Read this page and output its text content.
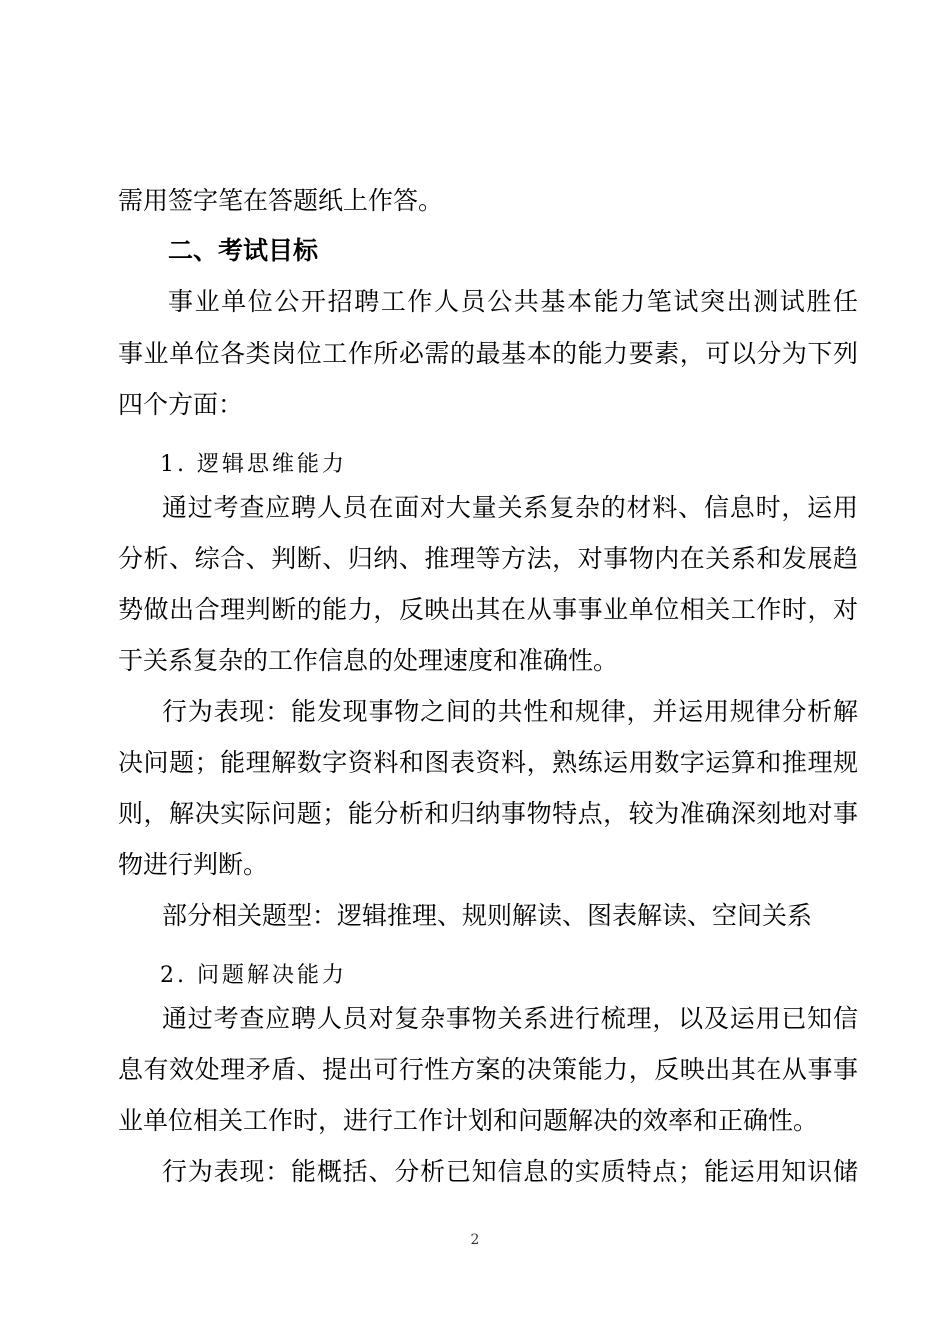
需用签字笔在答题纸上作答。
二、考试目标
事业单位公开招聘工作人员公共基本能力笔试突出测试胜任
事业单位各类岗位工作所必需的最基本的能力要素，可以分为下列
四个方面：
1. 逻辑思维能力
通过考查应聘人员在面对大量关系复杂的材料、信息时，运用
分析、综合、判断、归纳、推理等方法，对事物内在关系和发展趋
势做出合理判断的能力，反映出其在从事事业单位相关工作时，对
于关系复杂的工作信息的处理速度和准确性。
行为表现：能发现事物之间的共性和规律，并运用规律分析解
决问题；能理解数字资料和图表资料，熟练运用数字运算和推理规
则，解决实际问题；能分析和归纳事物特点，较为准确深刻地对事
物进行判断。
部分相关题型：逻辑推理、规则解读、图表解读、空间关系
2. 问题解决能力
通过考查应聘人员对复杂事物关系进行梳理，以及运用已知信
息有效处理矛盾、提出可行性方案的决策能力，反映出其在从事事
业单位相关工作时，进行工作计划和问题解决的效率和正确性。
行为表现：能概括、分析已知信息的实质特点；能运用知识储
2
